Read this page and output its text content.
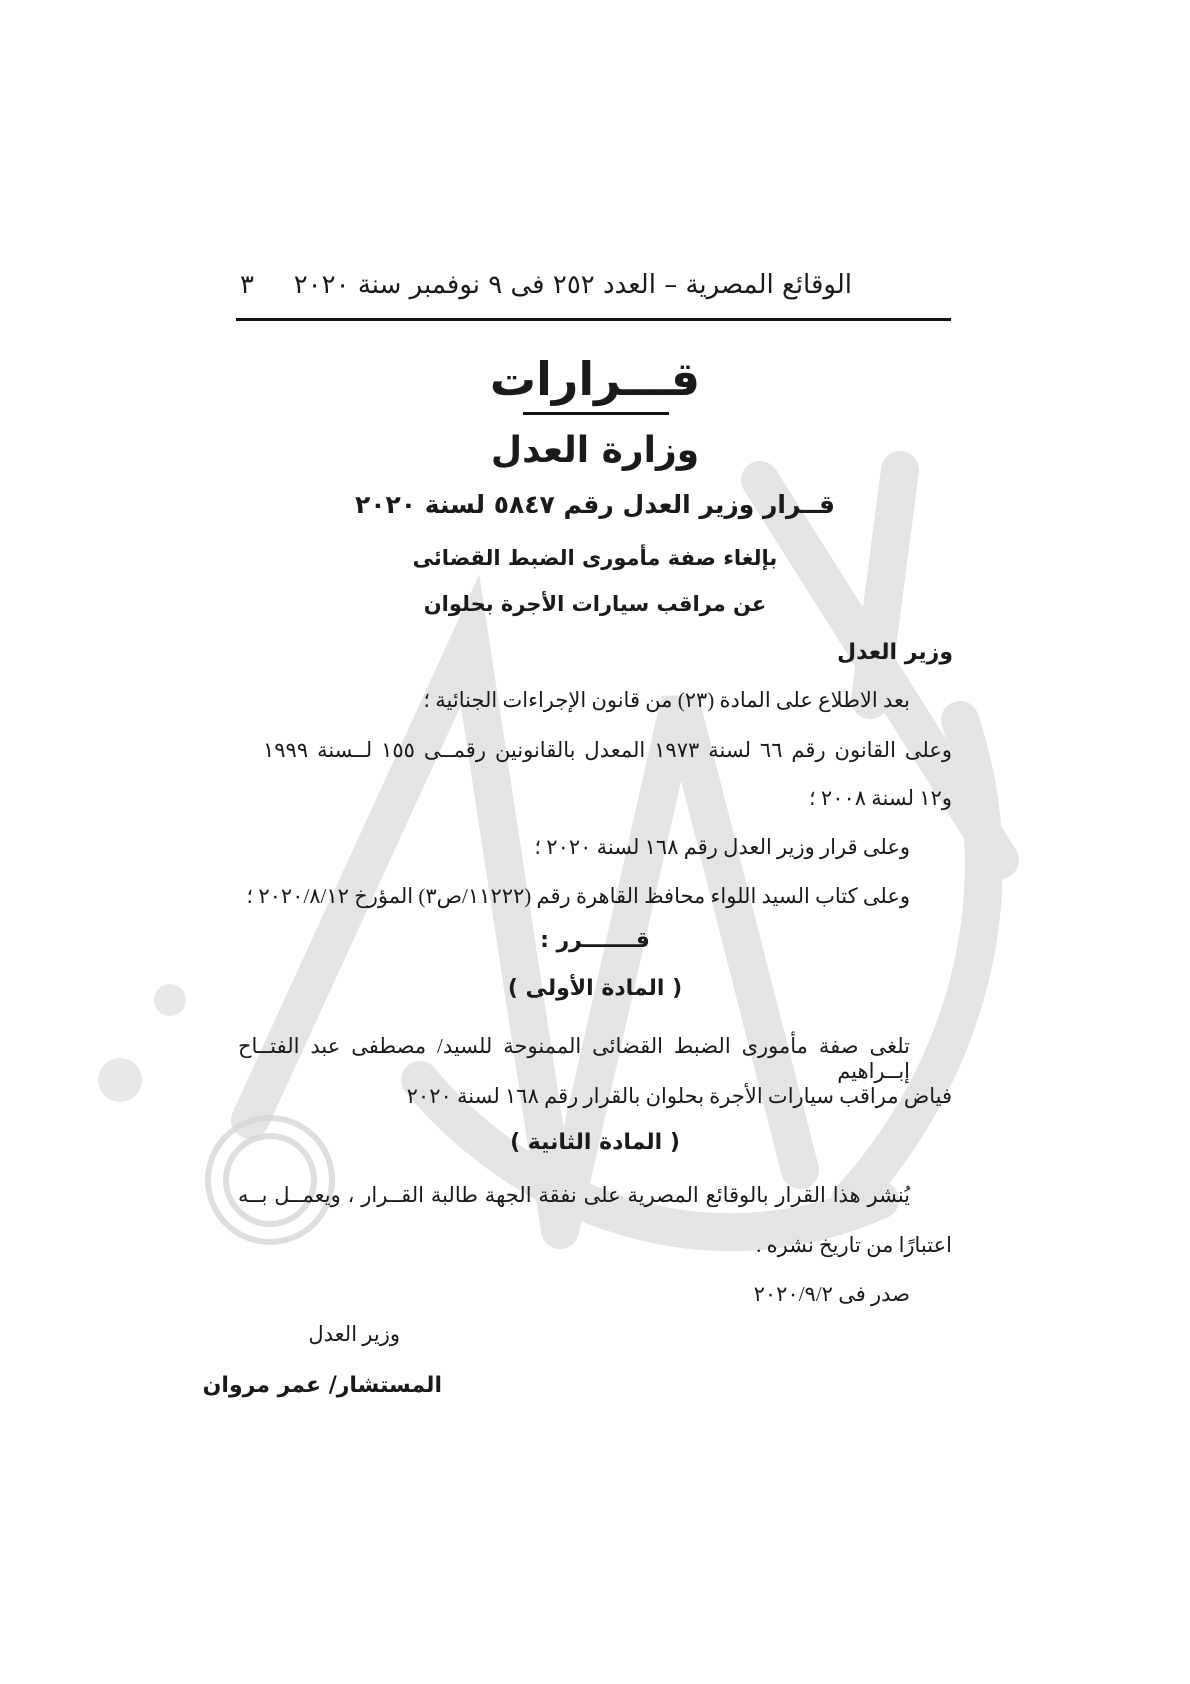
٣ الوقائع المصرية – العدد ٢٥٢ فى ٩ نوفمبر سنة ٢٠٢٠
قـــرارات
وزارة العدل
قــرار وزير العدل رقم ٥٨٤٧ لسنة ٢٠٢٠
بإلغاء صفة مأمورى الضبط القضائى
عن مراقب سيارات الأجرة بحلوان
وزير العدل
بعد الاطلاع على المادة (٢٣) من قانون الإجراءات الجنائية ؛
وعلى القانون رقم ٦٦ لسنة ١٩٧٣ المعدل بالقانونين رقمــى ١٥٥ لــسنة ١٩٩٩
و١٢ لسنة ٢٠٠٨ ؛
وعلى قرار وزير العدل رقم ١٦٨ لسنة ٢٠٢٠ ؛
وعلى كتاب السيد اللواء محافظ القاهرة رقم (١١٢٢٢/ص٣) المؤرخ ٢٠٢٠/٨/١٢ ؛
قـــــــرر :
( المادة الأولى )
تلغى صفة مأمورى الضبط القضائى الممنوحة للسيد/ مصطفى عبد الفتــاح إبــراهيم
فياض مراقب سيارات الأجرة بحلوان بالقرار رقم ١٦٨ لسنة ٢٠٢٠
( المادة الثانية )
يُنشر هذا القرار بالوقائع المصرية على نفقة الجهة طالبة القــرار ، ويعمــل بــه
اعتبارًا من تاريخ نشره .
صدر فى ٢٠٢٠/٩/٢
وزير العدل
المستشار/ عمر مروان
